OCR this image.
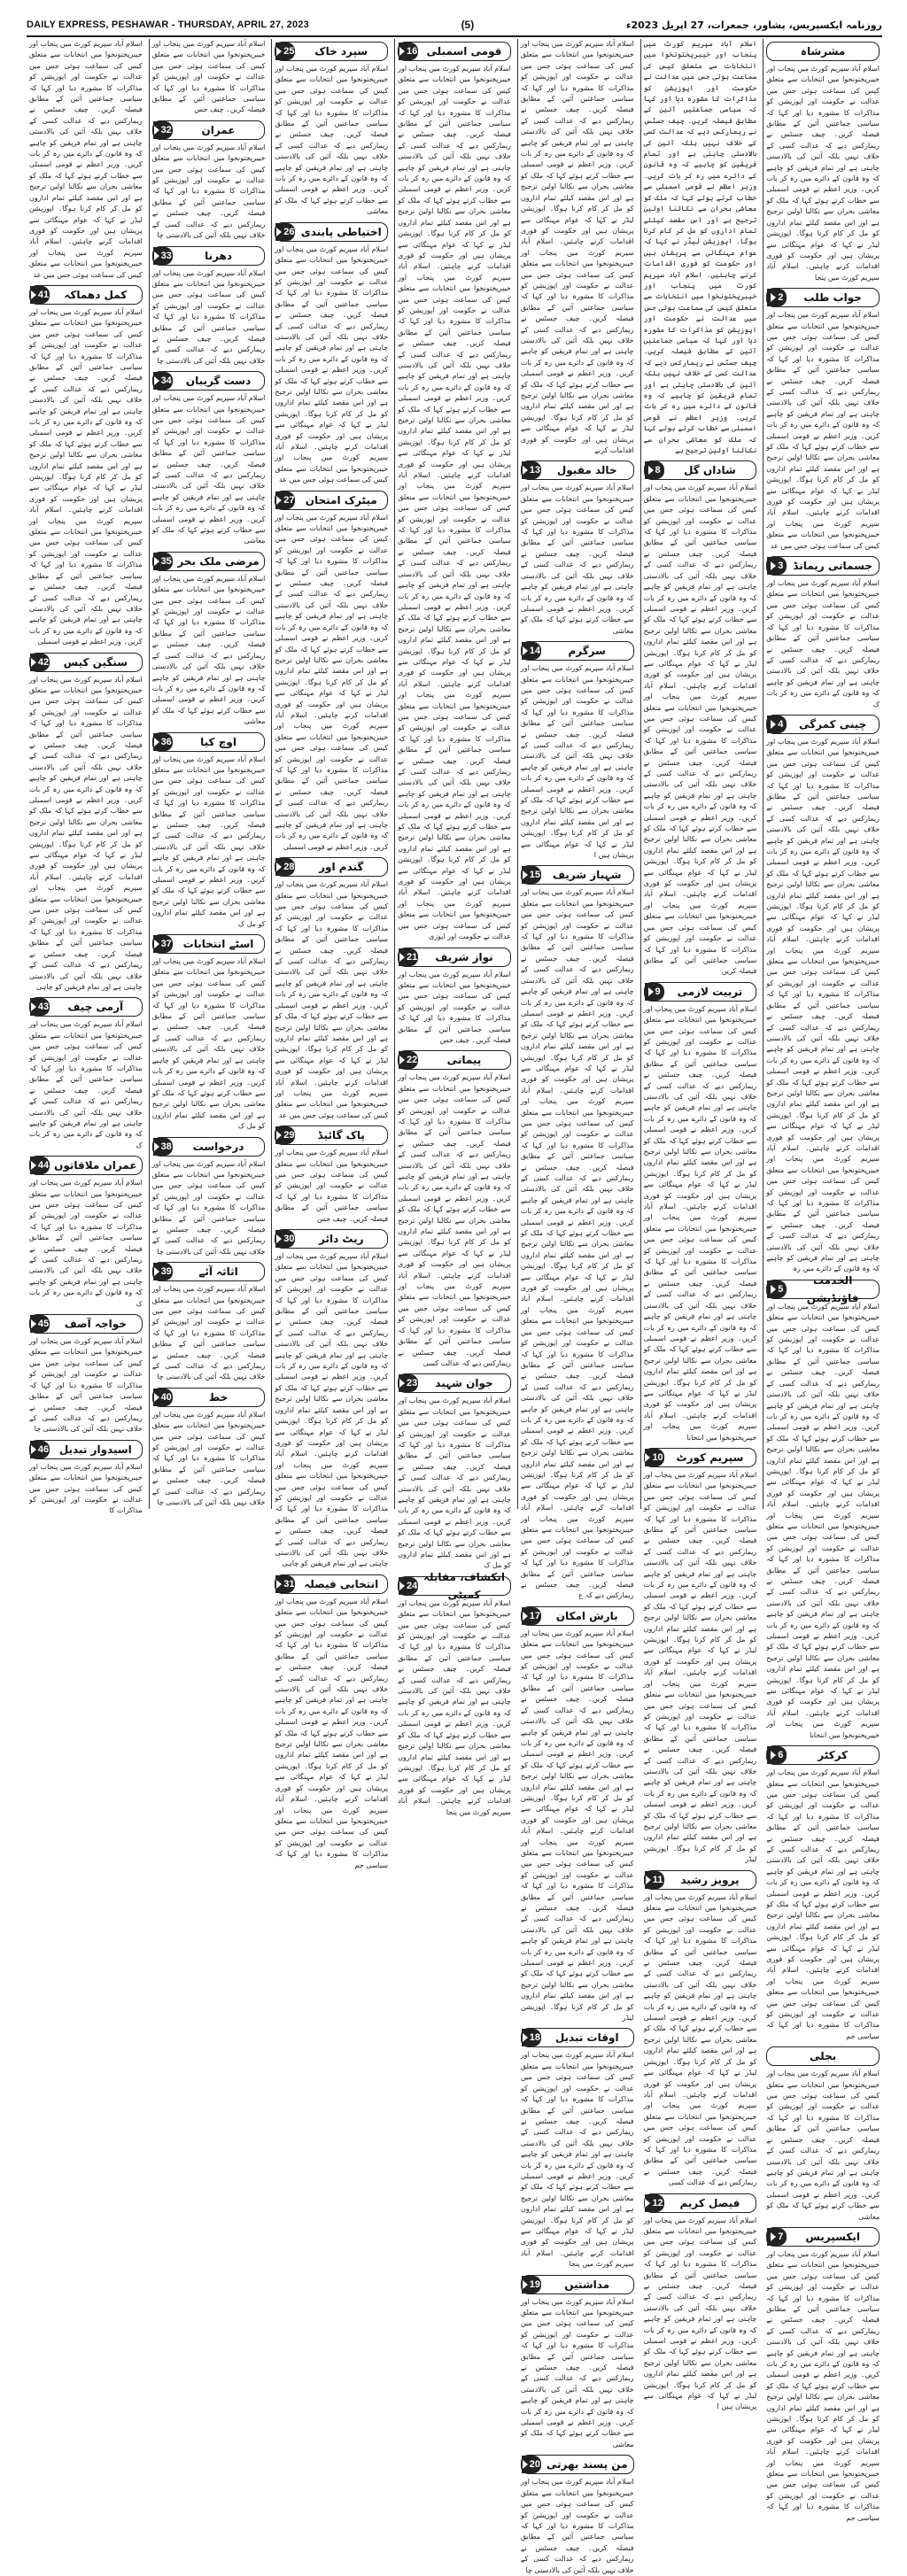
DAILY EXPRESS, PESHAWAR - THURSDAY, APRIL 27, 2023	(5)	روزنامہ ایکسپریس، پشاور، جمعرات، 27 اپریل 2023ء
مشرشاہ
اسلام آباد سپریم کورٹ میں پنجاب اور خیبرپختونخوا میں انتخابات سے متعلق کیس کی سماعت ہوئی جس میں عدالت نے حکومت اور اپوزیشن کو مذاکرات کا مشورہ دیا اور کہا کہ سیاسی جماعتیں آئین کے مطابق فیصلہ کریں۔ چیف جسٹس نے ریمارکس دیے کہ عدالت کسی کے خلاف نہیں بلکہ آئین کی بالادستی چاہتی ہے اور تمام فریقین کو چاہیے کہ وہ قانون کے دائرے میں رہ کر بات کریں۔ وزیر اعظم نے قومی اسمبلی سے خطاب کرتے ہوئے کہا کہ ملک کو معاشی بحران سے نکالنا اولین ترجیح ہے اور اس مقصد کیلئے تمام اداروں کو مل کر کام کرنا ہوگا۔ اپوزیشن لیڈر نے کہا کہ عوام مہنگائی سے پریشان ہیں اور حکومت کو فوری اقدامات کرنے چاہئیں۔ اسلام آباد سپریم کورٹ میں پنجا
جواب طلب
2
اسلام آباد سپریم کورٹ میں پنجاب اور خیبرپختونخوا میں انتخابات سے متعلق کیس کی سماعت ہوئی جس میں عدالت نے حکومت اور اپوزیشن کو مذاکرات کا مشورہ دیا اور کہا کہ سیاسی جماعتیں آئین کے مطابق فیصلہ کریں۔ چیف جسٹس نے ریمارکس دیے کہ عدالت کسی کے خلاف نہیں بلکہ آئین کی بالادستی چاہتی ہے اور تمام فریقین کو چاہیے کہ وہ قانون کے دائرے میں رہ کر بات کریں۔ وزیر اعظم نے قومی اسمبلی سے خطاب کرتے ہوئے کہا کہ ملک کو معاشی بحران سے نکالنا اولین ترجیح ہے اور اس مقصد کیلئے تمام اداروں کو مل کر کام کرنا ہوگا۔ اپوزیشن لیڈر نے کہا کہ عوام مہنگائی سے پریشان ہیں اور حکومت کو فوری اقدامات کرنے چاہئیں۔ اسلام آباد سپریم کورٹ میں پنجاب اور خیبرپختونخوا میں انتخابات سے متعلق کیس کی سماعت ہوئی جس میں عد
جسمانی ریمانڈ
3
اسلام آباد سپریم کورٹ میں پنجاب اور خیبرپختونخوا میں انتخابات سے متعلق کیس کی سماعت ہوئی جس میں عدالت نے حکومت اور اپوزیشن کو مذاکرات کا مشورہ دیا اور کہا کہ سیاسی جماعتیں آئین کے مطابق فیصلہ کریں۔ چیف جسٹس نے ریمارکس دیے کہ عدالت کسی کے خلاف نہیں بلکہ آئین کی بالادستی چاہتی ہے اور تمام فریقین کو چاہیے کہ وہ قانون کے دائرے میں رہ کر بات ک
چینی کمرگی
4
اسلام آباد سپریم کورٹ میں پنجاب اور خیبرپختونخوا میں انتخابات سے متعلق کیس کی سماعت ہوئی جس میں عدالت نے حکومت اور اپوزیشن کو مذاکرات کا مشورہ دیا اور کہا کہ سیاسی جماعتیں آئین کے مطابق فیصلہ کریں۔ چیف جسٹس نے ریمارکس دیے کہ عدالت کسی کے خلاف نہیں بلکہ آئین کی بالادستی چاہتی ہے اور تمام فریقین کو چاہیے کہ وہ قانون کے دائرے میں رہ کر بات کریں۔ وزیر اعظم نے قومی اسمبلی سے خطاب کرتے ہوئے کہا کہ ملک کو معاشی بحران سے نکالنا اولین ترجیح ہے اور اس مقصد کیلئے تمام اداروں کو مل کر کام کرنا ہوگا۔ اپوزیشن لیڈر نے کہا کہ عوام مہنگائی سے پریشان ہیں اور حکومت کو فوری اقدامات کرنے چاہئیں۔ اسلام آباد سپریم کورٹ میں پنجاب اور خیبرپختونخوا میں انتخابات سے متعلق کیس کی سماعت ہوئی جس میں عدالت نے حکومت اور اپوزیشن کو مذاکرات کا مشورہ دیا اور کہا کہ سیاسی جماعتیں آئین کے مطابق فیصلہ کریں۔ چیف جسٹس نے ریمارکس دیے کہ عدالت کسی کے خلاف نہیں بلکہ آئین کی بالادستی چاہتی ہے اور تمام فریقین کو چاہیے کہ وہ قانون کے دائرے میں رہ کر بات کریں۔ وزیر اعظم نے قومی اسمبلی سے خطاب کرتے ہوئے کہا کہ ملک کو معاشی بحران سے نکالنا اولین ترجیح ہے اور اس مقصد کیلئے تمام اداروں کو مل کر کام کرنا ہوگا۔ اپوزیشن لیڈر نے کہا کہ عوام مہنگائی سے پریشان ہیں اور حکومت کو فوری اقدامات کرنے چاہئیں۔ اسلام آباد سپریم کورٹ میں پنجاب اور خیبرپختونخوا میں انتخابات سے متعلق کیس کی سماعت ہوئی جس میں عدالت نے حکومت اور اپوزیشن کو مذاکرات کا مشورہ دیا اور کہا کہ سیاسی جماعتیں آئین کے مطابق فیصلہ کریں۔ چیف جسٹس نے ریمارکس دیے کہ عدالت کسی کے خلاف نہیں بلکہ آئین کی بالادستی چاہتی ہے اور تمام فریقین کو چاہیے کہ وہ قانون کے دائرے میں رہ
الخدمت فاؤنڈیشن
5
اسلام آباد سپریم کورٹ میں پنجاب اور خیبرپختونخوا میں انتخابات سے متعلق کیس کی سماعت ہوئی جس میں عدالت نے حکومت اور اپوزیشن کو مذاکرات کا مشورہ دیا اور کہا کہ سیاسی جماعتیں آئین کے مطابق فیصلہ کریں۔ چیف جسٹس نے ریمارکس دیے کہ عدالت کسی کے خلاف نہیں بلکہ آئین کی بالادستی چاہتی ہے اور تمام فریقین کو چاہیے کہ وہ قانون کے دائرے میں رہ کر بات کریں۔ وزیر اعظم نے قومی اسمبلی سے خطاب کرتے ہوئے کہا کہ ملک کو معاشی بحران سے نکالنا اولین ترجیح ہے اور اس مقصد کیلئے تمام اداروں کو مل کر کام کرنا ہوگا۔ اپوزیشن لیڈر نے کہا کہ عوام مہنگائی سے پریشان ہیں اور حکومت کو فوری اقدامات کرنے چاہئیں۔ اسلام آباد سپریم کورٹ میں پنجاب اور خیبرپختونخوا میں انتخابات سے متعلق کیس کی سماعت ہوئی جس میں عدالت نے حکومت اور اپوزیشن کو مذاکرات کا مشورہ دیا اور کہا کہ سیاسی جماعتیں آئین کے مطابق فیصلہ کریں۔ چیف جسٹس نے ریمارکس دیے کہ عدالت کسی کے خلاف نہیں بلکہ آئین کی بالادستی چاہتی ہے اور تمام فریقین کو چاہیے کہ وہ قانون کے دائرے میں رہ کر بات کریں۔ وزیر اعظم نے قومی اسمبلی سے خطاب کرتے ہوئے کہا کہ ملک کو معاشی بحران سے نکالنا اولین ترجیح ہے اور اس مقصد کیلئے تمام اداروں کو مل کر کام کرنا ہوگا۔ اپوزیشن لیڈر نے کہا کہ عوام مہنگائی سے پریشان ہیں اور حکومت کو فوری اقدامات کرنے چاہئیں۔ اسلام آباد سپریم کورٹ میں پنجاب اور خیبرپختونخوا میں انتخابا
کرکٹر
6
اسلام آباد سپریم کورٹ میں پنجاب اور خیبرپختونخوا میں انتخابات سے متعلق کیس کی سماعت ہوئی جس میں عدالت نے حکومت اور اپوزیشن کو مذاکرات کا مشورہ دیا اور کہا کہ سیاسی جماعتیں آئین کے مطابق فیصلہ کریں۔ چیف جسٹس نے ریمارکس دیے کہ عدالت کسی کے خلاف نہیں بلکہ آئین کی بالادستی چاہتی ہے اور تمام فریقین کو چاہیے کہ وہ قانون کے دائرے میں رہ کر بات کریں۔ وزیر اعظم نے قومی اسمبلی سے خطاب کرتے ہوئے کہا کہ ملک کو معاشی بحران سے نکالنا اولین ترجیح ہے اور اس مقصد کیلئے تمام اداروں کو مل کر کام کرنا ہوگا۔ اپوزیشن لیڈر نے کہا کہ عوام مہنگائی سے پریشان ہیں اور حکومت کو فوری اقدامات کرنے چاہئیں۔ اسلام آباد سپریم کورٹ میں پنجاب اور خیبرپختونخوا میں انتخابات سے متعلق کیس کی سماعت ہوئی جس میں عدالت نے حکومت اور اپوزیشن کو مذاکرات کا مشورہ دیا اور کہا کہ سیاسی جم
بجلی
اسلام آباد سپریم کورٹ میں پنجاب اور خیبرپختونخوا میں انتخابات سے متعلق کیس کی سماعت ہوئی جس میں عدالت نے حکومت اور اپوزیشن کو مذاکرات کا مشورہ دیا اور کہا کہ سیاسی جماعتیں آئین کے مطابق فیصلہ کریں۔ چیف جسٹس نے ریمارکس دیے کہ عدالت کسی کے خلاف نہیں بلکہ آئین کی بالادستی چاہتی ہے اور تمام فریقین کو چاہیے کہ وہ قانون کے دائرے میں رہ کر بات کریں۔ وزیر اعظم نے قومی اسمبلی سے خطاب کرتے ہوئے کہا کہ ملک کو معاشی
ایکسپریس
7
اسلام آباد سپریم کورٹ میں پنجاب اور خیبرپختونخوا میں انتخابات سے متعلق کیس کی سماعت ہوئی جس میں عدالت نے حکومت اور اپوزیشن کو مذاکرات کا مشورہ دیا اور کہا کہ سیاسی جماعتیں آئین کے مطابق فیصلہ کریں۔ چیف جسٹس نے ریمارکس دیے کہ عدالت کسی کے خلاف نہیں بلکہ آئین کی بالادستی چاہتی ہے اور تمام فریقین کو چاہیے کہ وہ قانون کے دائرے میں رہ کر بات کریں۔ وزیر اعظم نے قومی اسمبلی سے خطاب کرتے ہوئے کہا کہ ملک کو معاشی بحران سے نکالنا اولین ترجیح ہے اور اس مقصد کیلئے تمام اداروں کو مل کر کام کرنا ہوگا۔ اپوزیشن لیڈر نے کہا کہ عوام مہنگائی سے پریشان ہیں اور حکومت کو فوری اقدامات کرنے چاہئیں۔ اسلام آباد سپریم کورٹ میں پنجاب اور خیبرپختونخوا میں انتخابات سے متعلق کیس کی سماعت ہوئی جس میں عدالت نے حکومت اور اپوزیشن کو مذاکرات کا مشورہ دیا اور کہا کہ سیاسی جم
اسلام آباد سپریم کورٹ میں پنجاب اور خیبرپختونخوا میں انتخابات سے متعلق کیس کی سماعت ہوئی جس میں عدالت نے حکومت اور اپوزیشن کو مذاکرات کا مشورہ دیا اور کہا کہ سیاسی جماعتیں آئین کے مطابق فیصلہ کریں۔ چیف جسٹس نے ریمارکس دیے کہ عدالت کسی کے خلاف نہیں بلکہ آئین کی بالادستی چاہتی ہے اور تمام فریقین کو چاہیے کہ وہ قانون کے دائرے میں رہ کر بات کریں۔ وزیر اعظم نے قومی اسمبلی سے خطاب کرتے ہوئے کہا کہ ملک کو معاشی بحران سے نکالنا اولین ترجیح ہے اور اس مقصد کیلئے تمام اداروں کو مل کر کام کرنا ہوگا۔ اپوزیشن لیڈر نے کہا کہ عوام مہنگائی سے پریشان ہیں اور حکومت کو فوری اقدامات کرنے چاہئیں۔ اسلام آباد سپریم کورٹ میں پنجاب اور خیبرپختونخوا میں انتخابات سے متعلق کیس کی سماعت ہوئی جس میں عدالت نے حکومت اور اپوزیشن کو مذاکرات کا مشورہ دیا اور کہا کہ سیاسی جماعتیں آئین کے مطابق فیصلہ کریں۔ چیف جسٹس نے ریمارکس دیے کہ عدالت کسی کے خلاف نہیں بلکہ آئین کی بالادستی چاہتی ہے اور تمام فریقین کو چاہیے کہ وہ قانون کے دائرے میں رہ کر بات کریں۔ وزیر اعظم نے قومی اسمبلی سے خطاب کرتے ہوئے کہا کہ ملک کو معاشی بحران سے نکالنا اولین ترجیح ہے
شاداں گل
8
اسلام آباد سپریم کورٹ میں پنجاب اور خیبرپختونخوا میں انتخابات سے متعلق کیس کی سماعت ہوئی جس میں عدالت نے حکومت اور اپوزیشن کو مذاکرات کا مشورہ دیا اور کہا کہ سیاسی جماعتیں آئین کے مطابق فیصلہ کریں۔ چیف جسٹس نے ریمارکس دیے کہ عدالت کسی کے خلاف نہیں بلکہ آئین کی بالادستی چاہتی ہے اور تمام فریقین کو چاہیے کہ وہ قانون کے دائرے میں رہ کر بات کریں۔ وزیر اعظم نے قومی اسمبلی سے خطاب کرتے ہوئے کہا کہ ملک کو معاشی بحران سے نکالنا اولین ترجیح ہے اور اس مقصد کیلئے تمام اداروں کو مل کر کام کرنا ہوگا۔ اپوزیشن لیڈر نے کہا کہ عوام مہنگائی سے پریشان ہیں اور حکومت کو فوری اقدامات کرنے چاہئیں۔ اسلام آباد سپریم کورٹ میں پنجاب اور خیبرپختونخوا میں انتخابات سے متعلق کیس کی سماعت ہوئی جس میں عدالت نے حکومت اور اپوزیشن کو مذاکرات کا مشورہ دیا اور کہا کہ سیاسی جماعتیں آئین کے مطابق فیصلہ کریں۔ چیف جسٹس نے ریمارکس دیے کہ عدالت کسی کے خلاف نہیں بلکہ آئین کی بالادستی چاہتی ہے اور تمام فریقین کو چاہیے کہ وہ قانون کے دائرے میں رہ کر بات کریں۔ وزیر اعظم نے قومی اسمبلی سے خطاب کرتے ہوئے کہا کہ ملک کو معاشی بحران سے نکالنا اولین ترجیح ہے اور اس مقصد کیلئے تمام اداروں کو مل کر کام کرنا ہوگا۔ اپوزیشن لیڈر نے کہا کہ عوام مہنگائی سے پریشان ہیں اور حکومت کو فوری اقدامات کرنے چاہئیں۔ اسلام آباد سپریم کورٹ میں پنجاب اور خیبرپختونخوا میں انتخابات سے متعلق کیس کی سماعت ہوئی جس میں عدالت نے حکومت اور اپوزیشن کو مذاکرات کا مشورہ دیا اور کہا کہ سیاسی جماعتیں آئین کے مطابق فیصلہ کریں
تربیت لازمی
9
اسلام آباد سپریم کورٹ میں پنجاب اور خیبرپختونخوا میں انتخابات سے متعلق کیس کی سماعت ہوئی جس میں عدالت نے حکومت اور اپوزیشن کو مذاکرات کا مشورہ دیا اور کہا کہ سیاسی جماعتیں آئین کے مطابق فیصلہ کریں۔ چیف جسٹس نے ریمارکس دیے کہ عدالت کسی کے خلاف نہیں بلکہ آئین کی بالادستی چاہتی ہے اور تمام فریقین کو چاہیے کہ وہ قانون کے دائرے میں رہ کر بات کریں۔ وزیر اعظم نے قومی اسمبلی سے خطاب کرتے ہوئے کہا کہ ملک کو معاشی بحران سے نکالنا اولین ترجیح ہے اور اس مقصد کیلئے تمام اداروں کو مل کر کام کرنا ہوگا۔ اپوزیشن لیڈر نے کہا کہ عوام مہنگائی سے پریشان ہیں اور حکومت کو فوری اقدامات کرنے چاہئیں۔ اسلام آباد سپریم کورٹ میں پنجاب اور خیبرپختونخوا میں انتخابات سے متعلق کیس کی سماعت ہوئی جس میں عدالت نے حکومت اور اپوزیشن کو مذاکرات کا مشورہ دیا اور کہا کہ سیاسی جماعتیں آئین کے مطابق فیصلہ کریں۔ چیف جسٹس نے ریمارکس دیے کہ عدالت کسی کے خلاف نہیں بلکہ آئین کی بالادستی چاہتی ہے اور تمام فریقین کو چاہیے کہ وہ قانون کے دائرے میں رہ کر بات کریں۔ وزیر اعظم نے قومی اسمبلی سے خطاب کرتے ہوئے کہا کہ ملک کو معاشی بحران سے نکالنا اولین ترجیح ہے اور اس مقصد کیلئے تمام اداروں کو مل کر کام کرنا ہوگا۔ اپوزیشن لیڈر نے کہا کہ عوام مہنگائی سے پریشان ہیں اور حکومت کو فوری اقدامات کرنے چاہئیں۔ اسلام آباد سپریم کورٹ میں پنجاب اور خیبرپختونخوا میں انتخابا
سپریم کورٹ
10
اسلام آباد سپریم کورٹ میں پنجاب اور خیبرپختونخوا میں انتخابات سے متعلق کیس کی سماعت ہوئی جس میں عدالت نے حکومت اور اپوزیشن کو مذاکرات کا مشورہ دیا اور کہا کہ سیاسی جماعتیں آئین کے مطابق فیصلہ کریں۔ چیف جسٹس نے ریمارکس دیے کہ عدالت کسی کے خلاف نہیں بلکہ آئین کی بالادستی چاہتی ہے اور تمام فریقین کو چاہیے کہ وہ قانون کے دائرے میں رہ کر بات کریں۔ وزیر اعظم نے قومی اسمبلی سے خطاب کرتے ہوئے کہا کہ ملک کو معاشی بحران سے نکالنا اولین ترجیح ہے اور اس مقصد کیلئے تمام اداروں کو مل کر کام کرنا ہوگا۔ اپوزیشن لیڈر نے کہا کہ عوام مہنگائی سے پریشان ہیں اور حکومت کو فوری اقدامات کرنے چاہئیں۔ اسلام آباد سپریم کورٹ میں پنجاب اور خیبرپختونخوا میں انتخابات سے متعلق کیس کی سماعت ہوئی جس میں عدالت نے حکومت اور اپوزیشن کو مذاکرات کا مشورہ دیا اور کہا کہ سیاسی جماعتیں آئین کے مطابق فیصلہ کریں۔ چیف جسٹس نے ریمارکس دیے کہ عدالت کسی کے خلاف نہیں بلکہ آئین کی بالادستی چاہتی ہے اور تمام فریقین کو چاہیے کہ وہ قانون کے دائرے میں رہ کر بات کریں۔ وزیر اعظم نے قومی اسمبلی سے خطاب کرتے ہوئے کہا کہ ملک کو معاشی بحران سے نکالنا اولین ترجیح ہے اور اس مقصد کیلئے تمام اداروں کو مل کر کام کرنا ہوگا۔ اپوزیشن لیڈر
پرویز رشید
11
اسلام آباد سپریم کورٹ میں پنجاب اور خیبرپختونخوا میں انتخابات سے متعلق کیس کی سماعت ہوئی جس میں عدالت نے حکومت اور اپوزیشن کو مذاکرات کا مشورہ دیا اور کہا کہ سیاسی جماعتیں آئین کے مطابق فیصلہ کریں۔ چیف جسٹس نے ریمارکس دیے کہ عدالت کسی کے خلاف نہیں بلکہ آئین کی بالادستی چاہتی ہے اور تمام فریقین کو چاہیے کہ وہ قانون کے دائرے میں رہ کر بات کریں۔ وزیر اعظم نے قومی اسمبلی سے خطاب کرتے ہوئے کہا کہ ملک کو معاشی بحران سے نکالنا اولین ترجیح ہے اور اس مقصد کیلئے تمام اداروں کو مل کر کام کرنا ہوگا۔ اپوزیشن لیڈر نے کہا کہ عوام مہنگائی سے پریشان ہیں اور حکومت کو فوری اقدامات کرنے چاہئیں۔ اسلام آباد سپریم کورٹ میں پنجاب اور خیبرپختونخوا میں انتخابات سے متعلق کیس کی سماعت ہوئی جس میں عدالت نے حکومت اور اپوزیشن کو مذاکرات کا مشورہ دیا اور کہا کہ سیاسی جماعتیں آئین کے مطابق فیصلہ کریں۔ چیف جسٹس نے ریمارکس دیے کہ عدالت کسی
فیصل کریم
12
اسلام آباد سپریم کورٹ میں پنجاب اور خیبرپختونخوا میں انتخابات سے متعلق کیس کی سماعت ہوئی جس میں عدالت نے حکومت اور اپوزیشن کو مذاکرات کا مشورہ دیا اور کہا کہ سیاسی جماعتیں آئین کے مطابق فیصلہ کریں۔ چیف جسٹس نے ریمارکس دیے کہ عدالت کسی کے خلاف نہیں بلکہ آئین کی بالادستی چاہتی ہے اور تمام فریقین کو چاہیے کہ وہ قانون کے دائرے میں رہ کر بات کریں۔ وزیر اعظم نے قومی اسمبلی سے خطاب کرتے ہوئے کہا کہ ملک کو معاشی بحران سے نکالنا اولین ترجیح ہے اور اس مقصد کیلئے تمام اداروں کو مل کر کام کرنا ہوگا۔ اپوزیشن لیڈر نے کہا کہ عوام مہنگائی سے پریشان ہیں ا
اسلام آباد سپریم کورٹ میں پنجاب اور خیبرپختونخوا میں انتخابات سے متعلق کیس کی سماعت ہوئی جس میں عدالت نے حکومت اور اپوزیشن کو مذاکرات کا مشورہ دیا اور کہا کہ سیاسی جماعتیں آئین کے مطابق فیصلہ کریں۔ چیف جسٹس نے ریمارکس دیے کہ عدالت کسی کے خلاف نہیں بلکہ آئین کی بالادستی چاہتی ہے اور تمام فریقین کو چاہیے کہ وہ قانون کے دائرے میں رہ کر بات کریں۔ وزیر اعظم نے قومی اسمبلی سے خطاب کرتے ہوئے کہا کہ ملک کو معاشی بحران سے نکالنا اولین ترجیح ہے اور اس مقصد کیلئے تمام اداروں کو مل کر کام کرنا ہوگا۔ اپوزیشن لیڈر نے کہا کہ عوام مہنگائی سے پریشان ہیں اور حکومت کو فوری اقدامات کرنے چاہئیں۔ اسلام آباد سپریم کورٹ میں پنجاب اور خیبرپختونخوا میں انتخابات سے متعلق کیس کی سماعت ہوئی جس میں عدالت نے حکومت اور اپوزیشن کو مذاکرات کا مشورہ دیا اور کہا کہ سیاسی جماعتیں آئین کے مطابق فیصلہ کریں۔ چیف جسٹس نے ریمارکس دیے کہ عدالت کسی کے خلاف نہیں بلکہ آئین کی بالادستی چاہتی ہے اور تمام فریقین کو چاہیے کہ وہ قانون کے دائرے میں رہ کر بات کریں۔ وزیر اعظم نے قومی اسمبلی سے خطاب کرتے ہوئے کہا کہ ملک کو معاشی بحران سے نکالنا اولین ترجیح ہے اور اس مقصد کیلئے تمام اداروں کو مل کر کام کرنا ہوگا۔ اپوزیشن لیڈر نے کہا کہ عوام مہنگائی سے پریشان ہیں اور حکومت کو فوری اقدامات کرنے
خالد مقبول
13
اسلام آباد سپریم کورٹ میں پنجاب اور خیبرپختونخوا میں انتخابات سے متعلق کیس کی سماعت ہوئی جس میں عدالت نے حکومت اور اپوزیشن کو مذاکرات کا مشورہ دیا اور کہا کہ سیاسی جماعتیں آئین کے مطابق فیصلہ کریں۔ چیف جسٹس نے ریمارکس دیے کہ عدالت کسی کے خلاف نہیں بلکہ آئین کی بالادستی چاہتی ہے اور تمام فریقین کو چاہیے کہ وہ قانون کے دائرے میں رہ کر بات کریں۔ وزیر اعظم نے قومی اسمبلی سے خطاب کرتے ہوئے کہا کہ ملک کو معاشی
سرگرم
14
اسلام آباد سپریم کورٹ میں پنجاب اور خیبرپختونخوا میں انتخابات سے متعلق کیس کی سماعت ہوئی جس میں عدالت نے حکومت اور اپوزیشن کو مذاکرات کا مشورہ دیا اور کہا کہ سیاسی جماعتیں آئین کے مطابق فیصلہ کریں۔ چیف جسٹس نے ریمارکس دیے کہ عدالت کسی کے خلاف نہیں بلکہ آئین کی بالادستی چاہتی ہے اور تمام فریقین کو چاہیے کہ وہ قانون کے دائرے میں رہ کر بات کریں۔ وزیر اعظم نے قومی اسمبلی سے خطاب کرتے ہوئے کہا کہ ملک کو معاشی بحران سے نکالنا اولین ترجیح ہے اور اس مقصد کیلئے تمام اداروں کو مل کر کام کرنا ہوگا۔ اپوزیشن لیڈر نے کہا کہ عوام مہنگائی سے پریشان ہیں ا
شہباز شریف
15
اسلام آباد سپریم کورٹ میں پنجاب اور خیبرپختونخوا میں انتخابات سے متعلق کیس کی سماعت ہوئی جس میں عدالت نے حکومت اور اپوزیشن کو مذاکرات کا مشورہ دیا اور کہا کہ سیاسی جماعتیں آئین کے مطابق فیصلہ کریں۔ چیف جسٹس نے ریمارکس دیے کہ عدالت کسی کے خلاف نہیں بلکہ آئین کی بالادستی چاہتی ہے اور تمام فریقین کو چاہیے کہ وہ قانون کے دائرے میں رہ کر بات کریں۔ وزیر اعظم نے قومی اسمبلی سے خطاب کرتے ہوئے کہا کہ ملک کو معاشی بحران سے نکالنا اولین ترجیح ہے اور اس مقصد کیلئے تمام اداروں کو مل کر کام کرنا ہوگا۔ اپوزیشن لیڈر نے کہا کہ عوام مہنگائی سے پریشان ہیں اور حکومت کو فوری اقدامات کرنے چاہئیں۔ اسلام آباد سپریم کورٹ میں پنجاب اور خیبرپختونخوا میں انتخابات سے متعلق کیس کی سماعت ہوئی جس میں عدالت نے حکومت اور اپوزیشن کو مذاکرات کا مشورہ دیا اور کہا کہ سیاسی جماعتیں آئین کے مطابق فیصلہ کریں۔ چیف جسٹس نے ریمارکس دیے کہ عدالت کسی کے خلاف نہیں بلکہ آئین کی بالادستی چاہتی ہے اور تمام فریقین کو چاہیے کہ وہ قانون کے دائرے میں رہ کر بات کریں۔ وزیر اعظم نے قومی اسمبلی سے خطاب کرتے ہوئے کہا کہ ملک کو معاشی بحران سے نکالنا اولین ترجیح ہے اور اس مقصد کیلئے تمام اداروں کو مل کر کام کرنا ہوگا۔ اپوزیشن لیڈر نے کہا کہ عوام مہنگائی سے پریشان ہیں اور حکومت کو فوری اقدامات کرنے چاہئیں۔ اسلام آباد سپریم کورٹ میں پنجاب اور خیبرپختونخوا میں انتخابات سے متعلق کیس کی سماعت ہوئی جس میں عدالت نے حکومت اور اپوزیشن کو مذاکرات کا مشورہ دیا اور کہا کہ سیاسی جماعتیں آئین کے مطابق فیصلہ کریں۔ چیف جسٹس نے ریمارکس دیے کہ عدالت کسی کے خلاف نہیں بلکہ آئین کی بالادستی چاہتی ہے اور تمام فریقین کو چاہیے کہ وہ قانون کے دائرے میں رہ کر بات کریں۔ وزیر اعظم نے قومی اسمبلی سے خطاب کرتے ہوئے کہا کہ ملک کو معاشی بحران سے نکالنا اولین ترجیح ہے اور اس مقصد کیلئے تمام اداروں کو مل کر کام کرنا ہوگا۔ اپوزیشن لیڈر نے کہا کہ عوام مہنگائی سے پریشان ہیں اور حکومت کو فوری اقدامات کرنے چاہئیں۔ اسلام آباد سپریم کورٹ میں پنجاب اور خیبرپختونخوا میں انتخابات سے متعلق کیس کی سماعت ہوئی جس میں عدالت نے حکومت اور اپوزیشن کو مذاکرات کا مشورہ دیا اور کہا کہ سیاسی جماعتیں آئین کے مطابق فیصلہ کریں۔ چیف جسٹس نے ریمارکس دیے کہ ع
بارش امکان
17
اسلام آباد سپریم کورٹ میں پنجاب اور خیبرپختونخوا میں انتخابات سے متعلق کیس کی سماعت ہوئی جس میں عدالت نے حکومت اور اپوزیشن کو مذاکرات کا مشورہ دیا اور کہا کہ سیاسی جماعتیں آئین کے مطابق فیصلہ کریں۔ چیف جسٹس نے ریمارکس دیے کہ عدالت کسی کے خلاف نہیں بلکہ آئین کی بالادستی چاہتی ہے اور تمام فریقین کو چاہیے کہ وہ قانون کے دائرے میں رہ کر بات کریں۔ وزیر اعظم نے قومی اسمبلی سے خطاب کرتے ہوئے کہا کہ ملک کو معاشی بحران سے نکالنا اولین ترجیح ہے اور اس مقصد کیلئے تمام اداروں کو مل کر کام کرنا ہوگا۔ اپوزیشن لیڈر نے کہا کہ عوام مہنگائی سے پریشان ہیں اور حکومت کو فوری اقدامات کرنے چاہئیں۔ اسلام آباد سپریم کورٹ میں پنجاب اور خیبرپختونخوا میں انتخابات سے متعلق کیس کی سماعت ہوئی جس میں عدالت نے حکومت اور اپوزیشن کو مذاکرات کا مشورہ دیا اور کہا کہ سیاسی جماعتیں آئین کے مطابق فیصلہ کریں۔ چیف جسٹس نے ریمارکس دیے کہ عدالت کسی کے خلاف نہیں بلکہ آئین کی بالادستی چاہتی ہے اور تمام فریقین کو چاہیے کہ وہ قانون کے دائرے میں رہ کر بات کریں۔ وزیر اعظم نے قومی اسمبلی سے خطاب کرتے ہوئے کہا کہ ملک کو معاشی بحران سے نکالنا اولین ترجیح ہے اور اس مقصد کیلئے تمام اداروں کو مل کر کام کرنا ہوگا۔ اپوزیشن لیڈر
اوقات تبدیل
18
اسلام آباد سپریم کورٹ میں پنجاب اور خیبرپختونخوا میں انتخابات سے متعلق کیس کی سماعت ہوئی جس میں عدالت نے حکومت اور اپوزیشن کو مذاکرات کا مشورہ دیا اور کہا کہ سیاسی جماعتیں آئین کے مطابق فیصلہ کریں۔ چیف جسٹس نے ریمارکس دیے کہ عدالت کسی کے خلاف نہیں بلکہ آئین کی بالادستی چاہتی ہے اور تمام فریقین کو چاہیے کہ وہ قانون کے دائرے میں رہ کر بات کریں۔ وزیر اعظم نے قومی اسمبلی سے خطاب کرتے ہوئے کہا کہ ملک کو معاشی بحران سے نکالنا اولین ترجیح ہے اور اس مقصد کیلئے تمام اداروں کو مل کر کام کرنا ہوگا۔ اپوزیشن لیڈر نے کہا کہ عوام مہنگائی سے پریشان ہیں اور حکومت کو فوری اقدامات کرنے چاہئیں۔ اسلام آباد سپریم کورٹ میں پنجا
مداشتیں
19
اسلام آباد سپریم کورٹ میں پنجاب اور خیبرپختونخوا میں انتخابات سے متعلق کیس کی سماعت ہوئی جس میں عدالت نے حکومت اور اپوزیشن کو مذاکرات کا مشورہ دیا اور کہا کہ سیاسی جماعتیں آئین کے مطابق فیصلہ کریں۔ چیف جسٹس نے ریمارکس دیے کہ عدالت کسی کے خلاف نہیں بلکہ آئین کی بالادستی چاہتی ہے اور تمام فریقین کو چاہیے کہ وہ قانون کے دائرے میں رہ کر بات کریں۔ وزیر اعظم نے قومی اسمبلی سے خطاب کرتے ہوئے کہا کہ ملک کو معاشی
من پسند بھرتی
20
اسلام آباد سپریم کورٹ میں پنجاب اور خیبرپختونخوا میں انتخابات سے متعلق کیس کی سماعت ہوئی جس میں عدالت نے حکومت اور اپوزیشن کو مذاکرات کا مشورہ دیا اور کہا کہ سیاسی جماعتیں آئین کے مطابق فیصلہ کریں۔ چیف جسٹس نے ریمارکس دیے کہ عدالت کسی کے خلاف نہیں بلکہ آئین کی بالادستی چا
قومی اسمبلی
16
اسلام آباد سپریم کورٹ میں پنجاب اور خیبرپختونخوا میں انتخابات سے متعلق کیس کی سماعت ہوئی جس میں عدالت نے حکومت اور اپوزیشن کو مذاکرات کا مشورہ دیا اور کہا کہ سیاسی جماعتیں آئین کے مطابق فیصلہ کریں۔ چیف جسٹس نے ریمارکس دیے کہ عدالت کسی کے خلاف نہیں بلکہ آئین کی بالادستی چاہتی ہے اور تمام فریقین کو چاہیے کہ وہ قانون کے دائرے میں رہ کر بات کریں۔ وزیر اعظم نے قومی اسمبلی سے خطاب کرتے ہوئے کہا کہ ملک کو معاشی بحران سے نکالنا اولین ترجیح ہے اور اس مقصد کیلئے تمام اداروں کو مل کر کام کرنا ہوگا۔ اپوزیشن لیڈر نے کہا کہ عوام مہنگائی سے پریشان ہیں اور حکومت کو فوری اقدامات کرنے چاہئیں۔ اسلام آباد سپریم کورٹ میں پنجاب اور خیبرپختونخوا میں انتخابات سے متعلق کیس کی سماعت ہوئی جس میں عدالت نے حکومت اور اپوزیشن کو مذاکرات کا مشورہ دیا اور کہا کہ سیاسی جماعتیں آئین کے مطابق فیصلہ کریں۔ چیف جسٹس نے ریمارکس دیے کہ عدالت کسی کے خلاف نہیں بلکہ آئین کی بالادستی چاہتی ہے اور تمام فریقین کو چاہیے کہ وہ قانون کے دائرے میں رہ کر بات کریں۔ وزیر اعظم نے قومی اسمبلی سے خطاب کرتے ہوئے کہا کہ ملک کو معاشی بحران سے نکالنا اولین ترجیح ہے اور اس مقصد کیلئے تمام اداروں کو مل کر کام کرنا ہوگا۔ اپوزیشن لیڈر نے کہا کہ عوام مہنگائی سے پریشان ہیں اور حکومت کو فوری اقدامات کرنے چاہئیں۔ اسلام آباد سپریم کورٹ میں پنجاب اور خیبرپختونخوا میں انتخابات سے متعلق کیس کی سماعت ہوئی جس میں عدالت نے حکومت اور اپوزیشن کو مذاکرات کا مشورہ دیا اور کہا کہ سیاسی جماعتیں آئین کے مطابق فیصلہ کریں۔ چیف جسٹس نے ریمارکس دیے کہ عدالت کسی کے خلاف نہیں بلکہ آئین کی بالادستی چاہتی ہے اور تمام فریقین کو چاہیے کہ وہ قانون کے دائرے میں رہ کر بات کریں۔ وزیر اعظم نے قومی اسمبلی سے خطاب کرتے ہوئے کہا کہ ملک کو معاشی بحران سے نکالنا اولین ترجیح ہے اور اس مقصد کیلئے تمام اداروں کو مل کر کام کرنا ہوگا۔ اپوزیشن لیڈر نے کہا کہ عوام مہنگائی سے پریشان ہیں اور حکومت کو فوری اقدامات کرنے چاہئیں۔ اسلام آباد سپریم کورٹ میں پنجاب اور خیبرپختونخوا میں انتخابات سے متعلق کیس کی سماعت ہوئی جس میں عدالت نے حکومت اور اپوزیشن کو مذاکرات کا مشورہ دیا اور کہا کہ سیاسی جماعتیں آئین کے مطابق فیصلہ کریں۔ چیف جسٹس نے ریمارکس دیے کہ عدالت کسی کے خلاف نہیں بلکہ آئین کی بالادستی چاہتی ہے اور تمام فریقین کو چاہیے کہ وہ قانون کے دائرے میں رہ کر بات کریں۔ وزیر اعظم نے قومی اسمبلی سے خطاب کرتے ہوئے کہا کہ ملک کو معاشی بحران سے نکالنا اولین ترجیح ہے اور اس مقصد کیلئے تمام اداروں کو مل کر کام کرنا ہوگا۔ اپوزیشن لیڈر نے کہا کہ عوام مہنگائی سے پریشان ہیں اور حکومت کو فوری اقدامات کرنے چاہئیں۔ اسلام آباد سپریم کورٹ میں پنجاب اور خیبرپختونخوا میں انتخابات سے متعلق کیس کی سماعت ہوئی جس میں عدالت نے حکومت اور اپوزی
نواز شریف
21
اسلام آباد سپریم کورٹ میں پنجاب اور خیبرپختونخوا میں انتخابات سے متعلق کیس کی سماعت ہوئی جس میں عدالت نے حکومت اور اپوزیشن کو مذاکرات کا مشورہ دیا اور کہا کہ سیاسی جماعتیں آئین کے مطابق فیصلہ کریں۔ چیف جس
پیمانی
22
اسلام آباد سپریم کورٹ میں پنجاب اور خیبرپختونخوا میں انتخابات سے متعلق کیس کی سماعت ہوئی جس میں عدالت نے حکومت اور اپوزیشن کو مذاکرات کا مشورہ دیا اور کہا کہ سیاسی جماعتیں آئین کے مطابق فیصلہ کریں۔ چیف جسٹس نے ریمارکس دیے کہ عدالت کسی کے خلاف نہیں بلکہ آئین کی بالادستی چاہتی ہے اور تمام فریقین کو چاہیے کہ وہ قانون کے دائرے میں رہ کر بات کریں۔ وزیر اعظم نے قومی اسمبلی سے خطاب کرتے ہوئے کہا کہ ملک کو معاشی بحران سے نکالنا اولین ترجیح ہے اور اس مقصد کیلئے تمام اداروں کو مل کر کام کرنا ہوگا۔ اپوزیشن لیڈر نے کہا کہ عوام مہنگائی سے پریشان ہیں اور حکومت کو فوری اقدامات کرنے چاہئیں۔ اسلام آباد سپریم کورٹ میں پنجاب اور خیبرپختونخوا میں انتخابات سے متعلق کیس کی سماعت ہوئی جس میں عدالت نے حکومت اور اپوزیشن کو مذاکرات کا مشورہ دیا اور کہا کہ سیاسی جماعتیں آئین کے مطابق فیصلہ کریں۔ چیف جسٹس نے ریمارکس دیے کہ عدالت کسی
جوان شہید
23
اسلام آباد سپریم کورٹ میں پنجاب اور خیبرپختونخوا میں انتخابات سے متعلق کیس کی سماعت ہوئی جس میں عدالت نے حکومت اور اپوزیشن کو مذاکرات کا مشورہ دیا اور کہا کہ سیاسی جماعتیں آئین کے مطابق فیصلہ کریں۔ چیف جسٹس نے ریمارکس دیے کہ عدالت کسی کے خلاف نہیں بلکہ آئین کی بالادستی چاہتی ہے اور تمام فریقین کو چاہیے کہ وہ قانون کے دائرے میں رہ کر بات کریں۔ وزیر اعظم نے قومی اسمبلی سے خطاب کرتے ہوئے کہا کہ ملک کو معاشی بحران سے نکالنا اولین ترجیح ہے اور اس مقصد کیلئے تمام اداروں کو مل ک
انکشاف، مقابلہ کمیٹی
24
اسلام آباد سپریم کورٹ میں پنجاب اور خیبرپختونخوا میں انتخابات سے متعلق کیس کی سماعت ہوئی جس میں عدالت نے حکومت اور اپوزیشن کو مذاکرات کا مشورہ دیا اور کہا کہ سیاسی جماعتیں آئین کے مطابق فیصلہ کریں۔ چیف جسٹس نے ریمارکس دیے کہ عدالت کسی کے خلاف نہیں بلکہ آئین کی بالادستی چاہتی ہے اور تمام فریقین کو چاہیے کہ وہ قانون کے دائرے میں رہ کر بات کریں۔ وزیر اعظم نے قومی اسمبلی سے خطاب کرتے ہوئے کہا کہ ملک کو معاشی بحران سے نکالنا اولین ترجیح ہے اور اس مقصد کیلئے تمام اداروں کو مل کر کام کرنا ہوگا۔ اپوزیشن لیڈر نے کہا کہ عوام مہنگائی سے پریشان ہیں اور حکومت کو فوری اقدامات کرنے چاہئیں۔ اسلام آباد سپریم کورٹ میں پنجا
سپرد خاک
25
اسلام آباد سپریم کورٹ میں پنجاب اور خیبرپختونخوا میں انتخابات سے متعلق کیس کی سماعت ہوئی جس میں عدالت نے حکومت اور اپوزیشن کو مذاکرات کا مشورہ دیا اور کہا کہ سیاسی جماعتیں آئین کے مطابق فیصلہ کریں۔ چیف جسٹس نے ریمارکس دیے کہ عدالت کسی کے خلاف نہیں بلکہ آئین کی بالادستی چاہتی ہے اور تمام فریقین کو چاہیے کہ وہ قانون کے دائرے میں رہ کر بات کریں۔ وزیر اعظم نے قومی اسمبلی سے خطاب کرتے ہوئے کہا کہ ملک کو معاشی
اختیاطی پابندی
26
اسلام آباد سپریم کورٹ میں پنجاب اور خیبرپختونخوا میں انتخابات سے متعلق کیس کی سماعت ہوئی جس میں عدالت نے حکومت اور اپوزیشن کو مذاکرات کا مشورہ دیا اور کہا کہ سیاسی جماعتیں آئین کے مطابق فیصلہ کریں۔ چیف جسٹس نے ریمارکس دیے کہ عدالت کسی کے خلاف نہیں بلکہ آئین کی بالادستی چاہتی ہے اور تمام فریقین کو چاہیے کہ وہ قانون کے دائرے میں رہ کر بات کریں۔ وزیر اعظم نے قومی اسمبلی سے خطاب کرتے ہوئے کہا کہ ملک کو معاشی بحران سے نکالنا اولین ترجیح ہے اور اس مقصد کیلئے تمام اداروں کو مل کر کام کرنا ہوگا۔ اپوزیشن لیڈر نے کہا کہ عوام مہنگائی سے پریشان ہیں اور حکومت کو فوری اقدامات کرنے چاہئیں۔ اسلام آباد سپریم کورٹ میں پنجاب اور خیبرپختونخوا میں انتخابات سے متعلق کیس کی سماعت ہوئی جس میں عد
میٹرک امتحان
27
اسلام آباد سپریم کورٹ میں پنجاب اور خیبرپختونخوا میں انتخابات سے متعلق کیس کی سماعت ہوئی جس میں عدالت نے حکومت اور اپوزیشن کو مذاکرات کا مشورہ دیا اور کہا کہ سیاسی جماعتیں آئین کے مطابق فیصلہ کریں۔ چیف جسٹس نے ریمارکس دیے کہ عدالت کسی کے خلاف نہیں بلکہ آئین کی بالادستی چاہتی ہے اور تمام فریقین کو چاہیے کہ وہ قانون کے دائرے میں رہ کر بات کریں۔ وزیر اعظم نے قومی اسمبلی سے خطاب کرتے ہوئے کہا کہ ملک کو معاشی بحران سے نکالنا اولین ترجیح ہے اور اس مقصد کیلئے تمام اداروں کو مل کر کام کرنا ہوگا۔ اپوزیشن لیڈر نے کہا کہ عوام مہنگائی سے پریشان ہیں اور حکومت کو فوری اقدامات کرنے چاہئیں۔ اسلام آباد سپریم کورٹ میں پنجاب اور خیبرپختونخوا میں انتخابات سے متعلق کیس کی سماعت ہوئی جس میں عدالت نے حکومت اور اپوزیشن کو مذاکرات کا مشورہ دیا اور کہا کہ سیاسی جماعتیں آئین کے مطابق فیصلہ کریں۔ چیف جسٹس نے ریمارکس دیے کہ عدالت کسی کے خلاف نہیں بلکہ آئین کی بالادستی چاہتی ہے اور تمام فریقین کو چاہیے کہ وہ قانون کے دائرے میں رہ کر بات کریں۔ وزیر اعظم نے قومی اسمبلی
گندم اور
28
اسلام آباد سپریم کورٹ میں پنجاب اور خیبرپختونخوا میں انتخابات سے متعلق کیس کی سماعت ہوئی جس میں عدالت نے حکومت اور اپوزیشن کو مذاکرات کا مشورہ دیا اور کہا کہ سیاسی جماعتیں آئین کے مطابق فیصلہ کریں۔ چیف جسٹس نے ریمارکس دیے کہ عدالت کسی کے خلاف نہیں بلکہ آئین کی بالادستی چاہتی ہے اور تمام فریقین کو چاہیے کہ وہ قانون کے دائرے میں رہ کر بات کریں۔ وزیر اعظم نے قومی اسمبلی سے خطاب کرتے ہوئے کہا کہ ملک کو معاشی بحران سے نکالنا اولین ترجیح ہے اور اس مقصد کیلئے تمام اداروں کو مل کر کام کرنا ہوگا۔ اپوزیشن لیڈر نے کہا کہ عوام مہنگائی سے پریشان ہیں اور حکومت کو فوری اقدامات کرنے چاہئیں۔ اسلام آباد سپریم کورٹ میں پنجاب اور خیبرپختونخوا میں انتخابات سے متعلق کیس کی سماعت ہوئی جس میں عد
پاک گائیڈ
29
اسلام آباد سپریم کورٹ میں پنجاب اور خیبرپختونخوا میں انتخابات سے متعلق کیس کی سماعت ہوئی جس میں عدالت نے حکومت اور اپوزیشن کو مذاکرات کا مشورہ دیا اور کہا کہ سیاسی جماعتیں آئین کے مطابق فیصلہ کریں۔ چیف جس
ریٹ دائر
30
اسلام آباد سپریم کورٹ میں پنجاب اور خیبرپختونخوا میں انتخابات سے متعلق کیس کی سماعت ہوئی جس میں عدالت نے حکومت اور اپوزیشن کو مذاکرات کا مشورہ دیا اور کہا کہ سیاسی جماعتیں آئین کے مطابق فیصلہ کریں۔ چیف جسٹس نے ریمارکس دیے کہ عدالت کسی کے خلاف نہیں بلکہ آئین کی بالادستی چاہتی ہے اور تمام فریقین کو چاہیے کہ وہ قانون کے دائرے میں رہ کر بات کریں۔ وزیر اعظم نے قومی اسمبلی سے خطاب کرتے ہوئے کہا کہ ملک کو معاشی بحران سے نکالنا اولین ترجیح ہے اور اس مقصد کیلئے تمام اداروں کو مل کر کام کرنا ہوگا۔ اپوزیشن لیڈر نے کہا کہ عوام مہنگائی سے پریشان ہیں اور حکومت کو فوری اقدامات کرنے چاہئیں۔ اسلام آباد سپریم کورٹ میں پنجاب اور خیبرپختونخوا میں انتخابات سے متعلق کیس کی سماعت ہوئی جس میں عدالت نے حکومت اور اپوزیشن کو مذاکرات کا مشورہ دیا اور کہا کہ سیاسی جماعتیں آئین کے مطابق فیصلہ کریں۔ چیف جسٹس نے ریمارکس دیے کہ عدالت کسی کے خلاف نہیں بلکہ آئین کی بالادستی چاہتی ہے اور تمام فریقین کو چاہی
انتخابی فیصلہ
31
اسلام آباد سپریم کورٹ میں پنجاب اور خیبرپختونخوا میں انتخابات سے متعلق کیس کی سماعت ہوئی جس میں عدالت نے حکومت اور اپوزیشن کو مذاکرات کا مشورہ دیا اور کہا کہ سیاسی جماعتیں آئین کے مطابق فیصلہ کریں۔ چیف جسٹس نے ریمارکس دیے کہ عدالت کسی کے خلاف نہیں بلکہ آئین کی بالادستی چاہتی ہے اور تمام فریقین کو چاہیے کہ وہ قانون کے دائرے میں رہ کر بات کریں۔ وزیر اعظم نے قومی اسمبلی سے خطاب کرتے ہوئے کہا کہ ملک کو معاشی بحران سے نکالنا اولین ترجیح ہے اور اس مقصد کیلئے تمام اداروں کو مل کر کام کرنا ہوگا۔ اپوزیشن لیڈر نے کہا کہ عوام مہنگائی سے پریشان ہیں اور حکومت کو فوری اقدامات کرنے چاہئیں۔ اسلام آباد سپریم کورٹ میں پنجاب اور خیبرپختونخوا میں انتخابات سے متعلق کیس کی سماعت ہوئی جس میں عدالت نے حکومت اور اپوزیشن کو مذاکرات کا مشورہ دیا اور کہا کہ سیاسی جم
اسلام آباد سپریم کورٹ میں پنجاب اور خیبرپختونخوا میں انتخابات سے متعلق کیس کی سماعت ہوئی جس میں عدالت نے حکومت اور اپوزیشن کو مذاکرات کا مشورہ دیا اور کہا کہ سیاسی جماعتیں آئین کے مطابق فیصلہ کریں۔ چیف جس
عمران
32
اسلام آباد سپریم کورٹ میں پنجاب اور خیبرپختونخوا میں انتخابات سے متعلق کیس کی سماعت ہوئی جس میں عدالت نے حکومت اور اپوزیشن کو مذاکرات کا مشورہ دیا اور کہا کہ سیاسی جماعتیں آئین کے مطابق فیصلہ کریں۔ چیف جسٹس نے ریمارکس دیے کہ عدالت کسی کے خلاف نہیں بلکہ آئین کی بالادستی چا
دھرنا
33
اسلام آباد سپریم کورٹ میں پنجاب اور خیبرپختونخوا میں انتخابات سے متعلق کیس کی سماعت ہوئی جس میں عدالت نے حکومت اور اپوزیشن کو مذاکرات کا مشورہ دیا اور کہا کہ سیاسی جماعتیں آئین کے مطابق فیصلہ کریں۔ چیف جسٹس نے ریمارکس دیے کہ عدالت کسی کے خلاف نہیں بلکہ آئین کی بالادستی چا
دست گریبان
34
اسلام آباد سپریم کورٹ میں پنجاب اور خیبرپختونخوا میں انتخابات سے متعلق کیس کی سماعت ہوئی جس میں عدالت نے حکومت اور اپوزیشن کو مذاکرات کا مشورہ دیا اور کہا کہ سیاسی جماعتیں آئین کے مطابق فیصلہ کریں۔ چیف جسٹس نے ریمارکس دیے کہ عدالت کسی کے خلاف نہیں بلکہ آئین کی بالادستی چاہتی ہے اور تمام فریقین کو چاہیے کہ وہ قانون کے دائرے میں رہ کر بات کریں۔ وزیر اعظم نے قومی اسمبلی سے خطاب کرتے ہوئے کہا کہ ملک کو معاشی
مرضی ملک بحر
35
اسلام آباد سپریم کورٹ میں پنجاب اور خیبرپختونخوا میں انتخابات سے متعلق کیس کی سماعت ہوئی جس میں عدالت نے حکومت اور اپوزیشن کو مذاکرات کا مشورہ دیا اور کہا کہ سیاسی جماعتیں آئین کے مطابق فیصلہ کریں۔ چیف جسٹس نے ریمارکس دیے کہ عدالت کسی کے خلاف نہیں بلکہ آئین کی بالادستی چاہتی ہے اور تمام فریقین کو چاہیے کہ وہ قانون کے دائرے میں رہ کر بات کریں۔ وزیر اعظم نے قومی اسمبلی سے خطاب کرتے ہوئے کہا کہ ملک کو معاشی
اوچ کیا
36
اسلام آباد سپریم کورٹ میں پنجاب اور خیبرپختونخوا میں انتخابات سے متعلق کیس کی سماعت ہوئی جس میں عدالت نے حکومت اور اپوزیشن کو مذاکرات کا مشورہ دیا اور کہا کہ سیاسی جماعتیں آئین کے مطابق فیصلہ کریں۔ چیف جسٹس نے ریمارکس دیے کہ عدالت کسی کے خلاف نہیں بلکہ آئین کی بالادستی چاہتی ہے اور تمام فریقین کو چاہیے کہ وہ قانون کے دائرے میں رہ کر بات کریں۔ وزیر اعظم نے قومی اسمبلی سے خطاب کرتے ہوئے کہا کہ ملک کو معاشی بحران سے نکالنا اولین ترجیح ہے اور اس مقصد کیلئے تمام اداروں کو مل ک
اسٹے انتخابات
37
اسلام آباد سپریم کورٹ میں پنجاب اور خیبرپختونخوا میں انتخابات سے متعلق کیس کی سماعت ہوئی جس میں عدالت نے حکومت اور اپوزیشن کو مذاکرات کا مشورہ دیا اور کہا کہ سیاسی جماعتیں آئین کے مطابق فیصلہ کریں۔ چیف جسٹس نے ریمارکس دیے کہ عدالت کسی کے خلاف نہیں بلکہ آئین کی بالادستی چاہتی ہے اور تمام فریقین کو چاہیے کہ وہ قانون کے دائرے میں رہ کر بات کریں۔ وزیر اعظم نے قومی اسمبلی سے خطاب کرتے ہوئے کہا کہ ملک کو معاشی بحران سے نکالنا اولین ترجیح ہے اور اس مقصد کیلئے تمام اداروں کو مل ک
درخواست
38
اسلام آباد سپریم کورٹ میں پنجاب اور خیبرپختونخوا میں انتخابات سے متعلق کیس کی سماعت ہوئی جس میں عدالت نے حکومت اور اپوزیشن کو مذاکرات کا مشورہ دیا اور کہا کہ سیاسی جماعتیں آئین کے مطابق فیصلہ کریں۔ چیف جسٹس نے ریمارکس دیے کہ عدالت کسی کے خلاف نہیں بلکہ آئین کی بالادستی چا
اثاثہ آئے
39
اسلام آباد سپریم کورٹ میں پنجاب اور خیبرپختونخوا میں انتخابات سے متعلق کیس کی سماعت ہوئی جس میں عدالت نے حکومت اور اپوزیشن کو مذاکرات کا مشورہ دیا اور کہا کہ سیاسی جماعتیں آئین کے مطابق فیصلہ کریں۔ چیف جسٹس نے ریمارکس دیے کہ عدالت کسی کے خلاف نہیں بلکہ آئین کی بالادستی چا
خط
40
اسلام آباد سپریم کورٹ میں پنجاب اور خیبرپختونخوا میں انتخابات سے متعلق کیس کی سماعت ہوئی جس میں عدالت نے حکومت اور اپوزیشن کو مذاکرات کا مشورہ دیا اور کہا کہ سیاسی جماعتیں آئین کے مطابق فیصلہ کریں۔ چیف جسٹس نے ریمارکس دیے کہ عدالت کسی کے خلاف نہیں بلکہ آئین کی بالادستی چا
اسلام آباد سپریم کورٹ میں پنجاب اور خیبرپختونخوا میں انتخابات سے متعلق کیس کی سماعت ہوئی جس میں عدالت نے حکومت اور اپوزیشن کو مذاکرات کا مشورہ دیا اور کہا کہ سیاسی جماعتیں آئین کے مطابق فیصلہ کریں۔ چیف جسٹس نے ریمارکس دیے کہ عدالت کسی کے خلاف نہیں بلکہ آئین کی بالادستی چاہتی ہے اور تمام فریقین کو چاہیے کہ وہ قانون کے دائرے میں رہ کر بات کریں۔ وزیر اعظم نے قومی اسمبلی سے خطاب کرتے ہوئے کہا کہ ملک کو معاشی بحران سے نکالنا اولین ترجیح ہے اور اس مقصد کیلئے تمام اداروں کو مل کر کام کرنا ہوگا۔ اپوزیشن لیڈر نے کہا کہ عوام مہنگائی سے پریشان ہیں اور حکومت کو فوری اقدامات کرنے چاہئیں۔ اسلام آباد سپریم کورٹ میں پنجاب اور خیبرپختونخوا میں انتخابات سے متعلق کیس کی سماعت ہوئی جس میں عد
کمل دھماکہ
41
اسلام آباد سپریم کورٹ میں پنجاب اور خیبرپختونخوا میں انتخابات سے متعلق کیس کی سماعت ہوئی جس میں عدالت نے حکومت اور اپوزیشن کو مذاکرات کا مشورہ دیا اور کہا کہ سیاسی جماعتیں آئین کے مطابق فیصلہ کریں۔ چیف جسٹس نے ریمارکس دیے کہ عدالت کسی کے خلاف نہیں بلکہ آئین کی بالادستی چاہتی ہے اور تمام فریقین کو چاہیے کہ وہ قانون کے دائرے میں رہ کر بات کریں۔ وزیر اعظم نے قومی اسمبلی سے خطاب کرتے ہوئے کہا کہ ملک کو معاشی بحران سے نکالنا اولین ترجیح ہے اور اس مقصد کیلئے تمام اداروں کو مل کر کام کرنا ہوگا۔ اپوزیشن لیڈر نے کہا کہ عوام مہنگائی سے پریشان ہیں اور حکومت کو فوری اقدامات کرنے چاہئیں۔ اسلام آباد سپریم کورٹ میں پنجاب اور خیبرپختونخوا میں انتخابات سے متعلق کیس کی سماعت ہوئی جس میں عدالت نے حکومت اور اپوزیشن کو مذاکرات کا مشورہ دیا اور کہا کہ سیاسی جماعتیں آئین کے مطابق فیصلہ کریں۔ چیف جسٹس نے ریمارکس دیے کہ عدالت کسی کے خلاف نہیں بلکہ آئین کی بالادستی چاہتی ہے اور تمام فریقین کو چاہیے کہ وہ قانون کے دائرے میں رہ کر بات کریں۔ وزیر اعظم نے قومی اسمبلی
سنگین کیس
42
اسلام آباد سپریم کورٹ میں پنجاب اور خیبرپختونخوا میں انتخابات سے متعلق کیس کی سماعت ہوئی جس میں عدالت نے حکومت اور اپوزیشن کو مذاکرات کا مشورہ دیا اور کہا کہ سیاسی جماعتیں آئین کے مطابق فیصلہ کریں۔ چیف جسٹس نے ریمارکس دیے کہ عدالت کسی کے خلاف نہیں بلکہ آئین کی بالادستی چاہتی ہے اور تمام فریقین کو چاہیے کہ وہ قانون کے دائرے میں رہ کر بات کریں۔ وزیر اعظم نے قومی اسمبلی سے خطاب کرتے ہوئے کہا کہ ملک کو معاشی بحران سے نکالنا اولین ترجیح ہے اور اس مقصد کیلئے تمام اداروں کو مل کر کام کرنا ہوگا۔ اپوزیشن لیڈر نے کہا کہ عوام مہنگائی سے پریشان ہیں اور حکومت کو فوری اقدامات کرنے چاہئیں۔ اسلام آباد سپریم کورٹ میں پنجاب اور خیبرپختونخوا میں انتخابات سے متعلق کیس کی سماعت ہوئی جس میں عدالت نے حکومت اور اپوزیشن کو مذاکرات کا مشورہ دیا اور کہا کہ سیاسی جماعتیں آئین کے مطابق فیصلہ کریں۔ چیف جسٹس نے ریمارکس دیے کہ عدالت کسی کے خلاف نہیں بلکہ آئین کی بالادستی چاہتی ہے اور تمام فریقین کو چاہی
آرمی چیف
43
اسلام آباد سپریم کورٹ میں پنجاب اور خیبرپختونخوا میں انتخابات سے متعلق کیس کی سماعت ہوئی جس میں عدالت نے حکومت اور اپوزیشن کو مذاکرات کا مشورہ دیا اور کہا کہ سیاسی جماعتیں آئین کے مطابق فیصلہ کریں۔ چیف جسٹس نے ریمارکس دیے کہ عدالت کسی کے خلاف نہیں بلکہ آئین کی بالادستی چاہتی ہے اور تمام فریقین کو چاہیے کہ وہ قانون کے دائرے میں رہ کر بات ک
عمران ملاقاتوں
44
اسلام آباد سپریم کورٹ میں پنجاب اور خیبرپختونخوا میں انتخابات سے متعلق کیس کی سماعت ہوئی جس میں عدالت نے حکومت اور اپوزیشن کو مذاکرات کا مشورہ دیا اور کہا کہ سیاسی جماعتیں آئین کے مطابق فیصلہ کریں۔ چیف جسٹس نے ریمارکس دیے کہ عدالت کسی کے خلاف نہیں بلکہ آئین کی بالادستی چاہتی ہے اور تمام فریقین کو چاہیے کہ وہ قانون کے دائرے میں رہ کر بات ک
خواجہ آصف
45
اسلام آباد سپریم کورٹ میں پنجاب اور خیبرپختونخوا میں انتخابات سے متعلق کیس کی سماعت ہوئی جس میں عدالت نے حکومت اور اپوزیشن کو مذاکرات کا مشورہ دیا اور کہا کہ سیاسی جماعتیں آئین کے مطابق فیصلہ کریں۔ چیف جسٹس نے ریمارکس دیے کہ عدالت کسی کے خلاف نہیں بلکہ آئین کی بالادستی چا
اسیدوار تبدیل
46
اسلام آباد سپریم کورٹ میں پنجاب اور خیبرپختونخوا میں انتخابات سے متعلق کیس کی سماعت ہوئی جس میں عدالت نے حکومت اور اپوزیشن کو مذاکرات کا
